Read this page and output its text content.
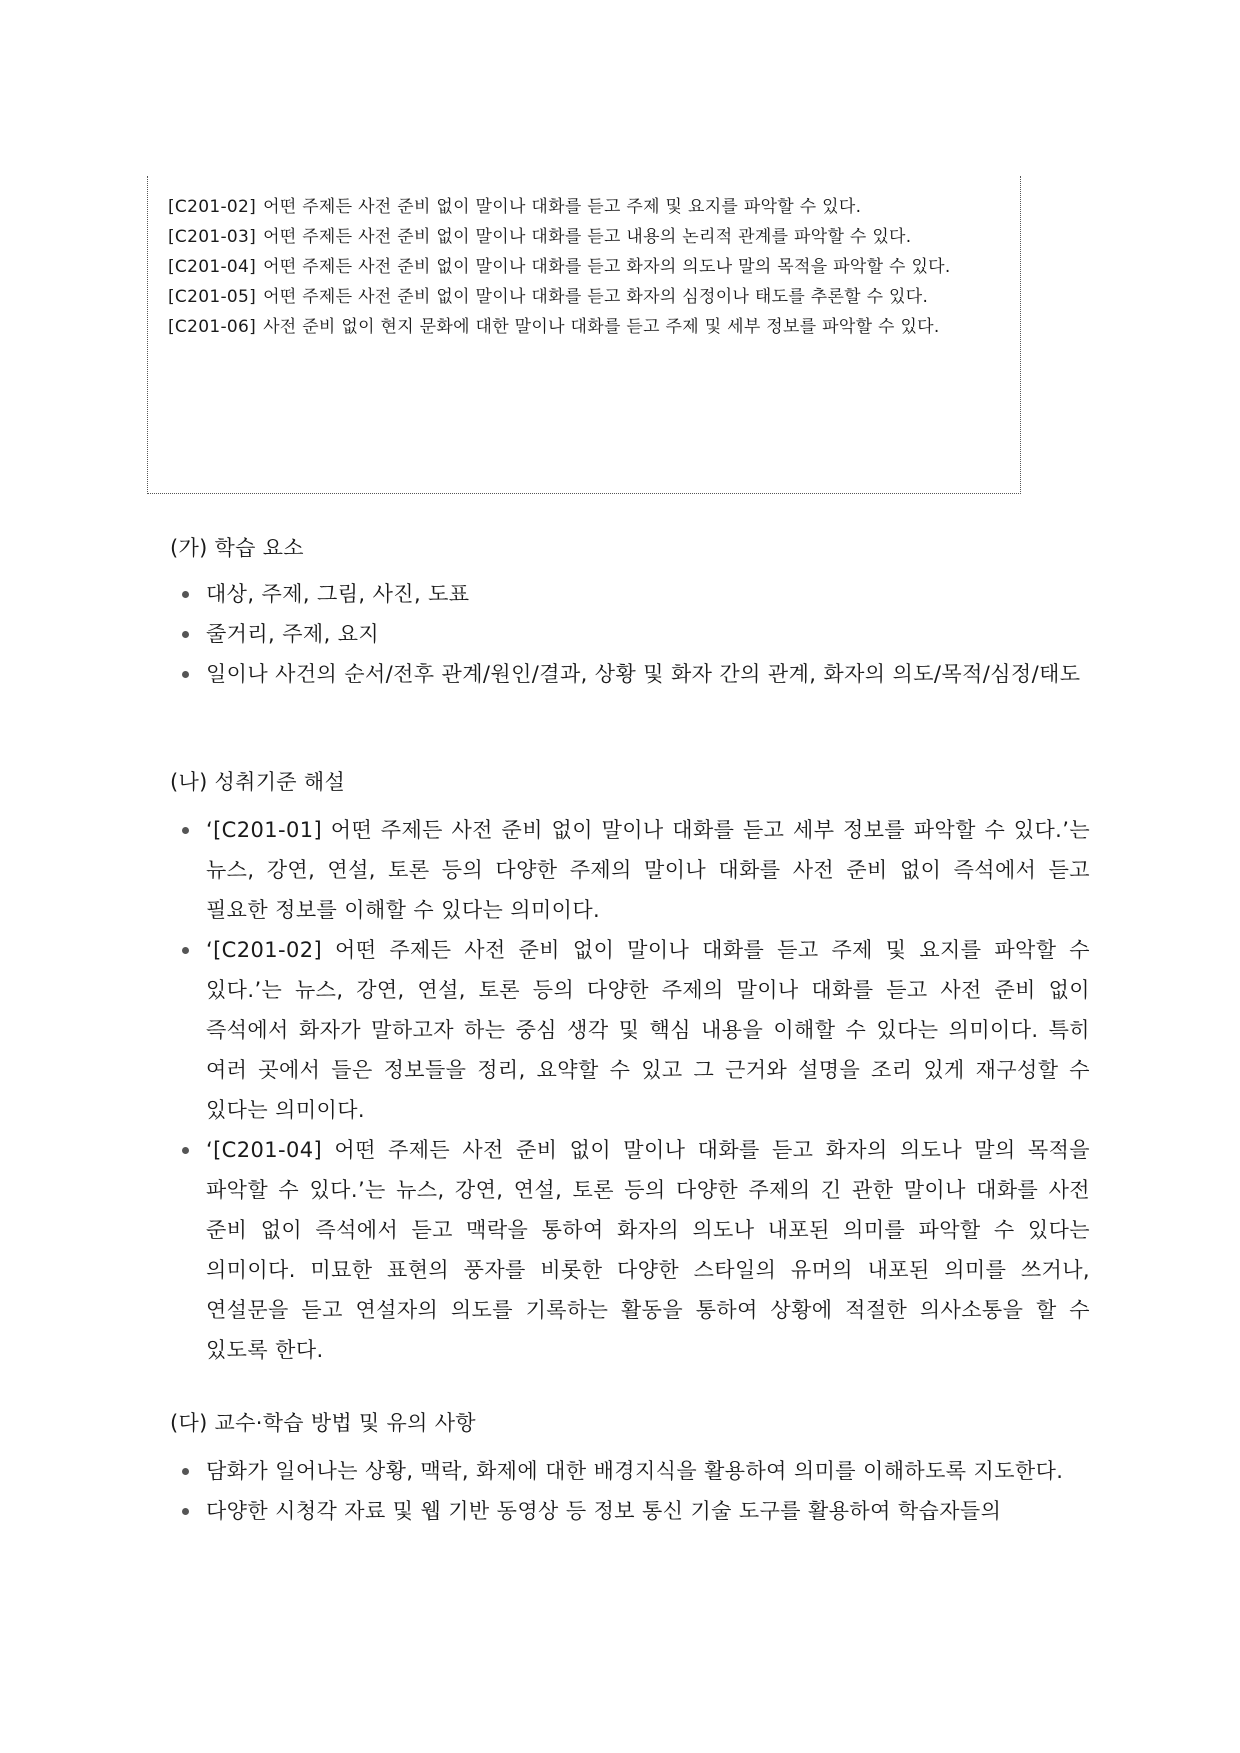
[C201-02] 어떤 주제든 사전 준비 없이 말이나 대화를 듣고 주제 및 요지를 파악할 수 있다.
[C201-03] 어떤 주제든 사전 준비 없이 말이나 대화를 듣고 내용의 논리적 관계를 파악할 수 있다.
[C201-04] 어떤 주제든 사전 준비 없이 말이나 대화를 듣고 화자의 의도나 말의 목적을 파악할 수 있다.
[C201-05] 어떤 주제든 사전 준비 없이 말이나 대화를 듣고 화자의 심정이나 태도를 추론할 수 있다.
[C201-06] 사전 준비 없이 현지 문화에 대한 말이나 대화를 듣고 주제 및 세부 정보를 파악할 수 있다.
(가) 학습 요소
대상, 주제, 그림, 사진, 도표
줄거리, 주제, 요지
일이나 사건의 순서/전후 관계/원인/결과, 상황 및 화자 간의 관계, 화자의 의도/목적/심정/태도
(나) 성취기준 해설
‘[C201-01] 어떤 주제든 사전 준비 없이 말이나 대화를 듣고 세부 정보를 파악할 수 있다.’는 뉴스, 강연, 연설, 토론 등의 다양한 주제의 말이나 대화를 사전 준비 없이 즉석에서 듣고 필요한 정보를 이해할 수 있다는 의미이다.
‘[C201-02] 어떤 주제든 사전 준비 없이 말이나 대화를 듣고 주제 및 요지를 파악할 수 있다.’는 뉴스, 강연, 연설, 토론 등의 다양한 주제의 말이나 대화를 듣고 사전 준비 없이 즉석에서 화자가 말하고자 하는 중심 생각 및 핵심 내용을 이해할 수 있다는 의미이다. 특히 여러 곳에서 들은 정보들을 정리, 요약할 수 있고 그 근거와 설명을 조리 있게 재구성할 수 있다는 의미이다.
‘[C201-04] 어떤 주제든 사전 준비 없이 말이나 대화를 듣고 화자의 의도나 말의 목적을 파악할 수 있다.’는 뉴스, 강연, 연설, 토론 등의 다양한 주제의 긴 관한 말이나 대화를 사전 준비 없이 즉석에서 듣고 맥락을 통하여 화자의 의도나 내포된 의미를 파악할 수 있다는 의미이다. 미묘한 표현의 풍자를 비롯한 다양한 스타일의 유머의 내포된 의미를 쓰거나, 연설문을 듣고 연설자의 의도를 기록하는 활동을 통하여 상황에 적절한 의사소통을 할 수 있도록 한다.
(다) 교수·학습 방법 및 유의 사항
담화가 일어나는 상황, 맥락, 화제에 대한 배경지식을 활용하여 의미를 이해하도록 지도한다.
다양한 시청각 자료 및 웹 기반 동영상 등 정보 통신 기술 도구를 활용하여 학습자들의
